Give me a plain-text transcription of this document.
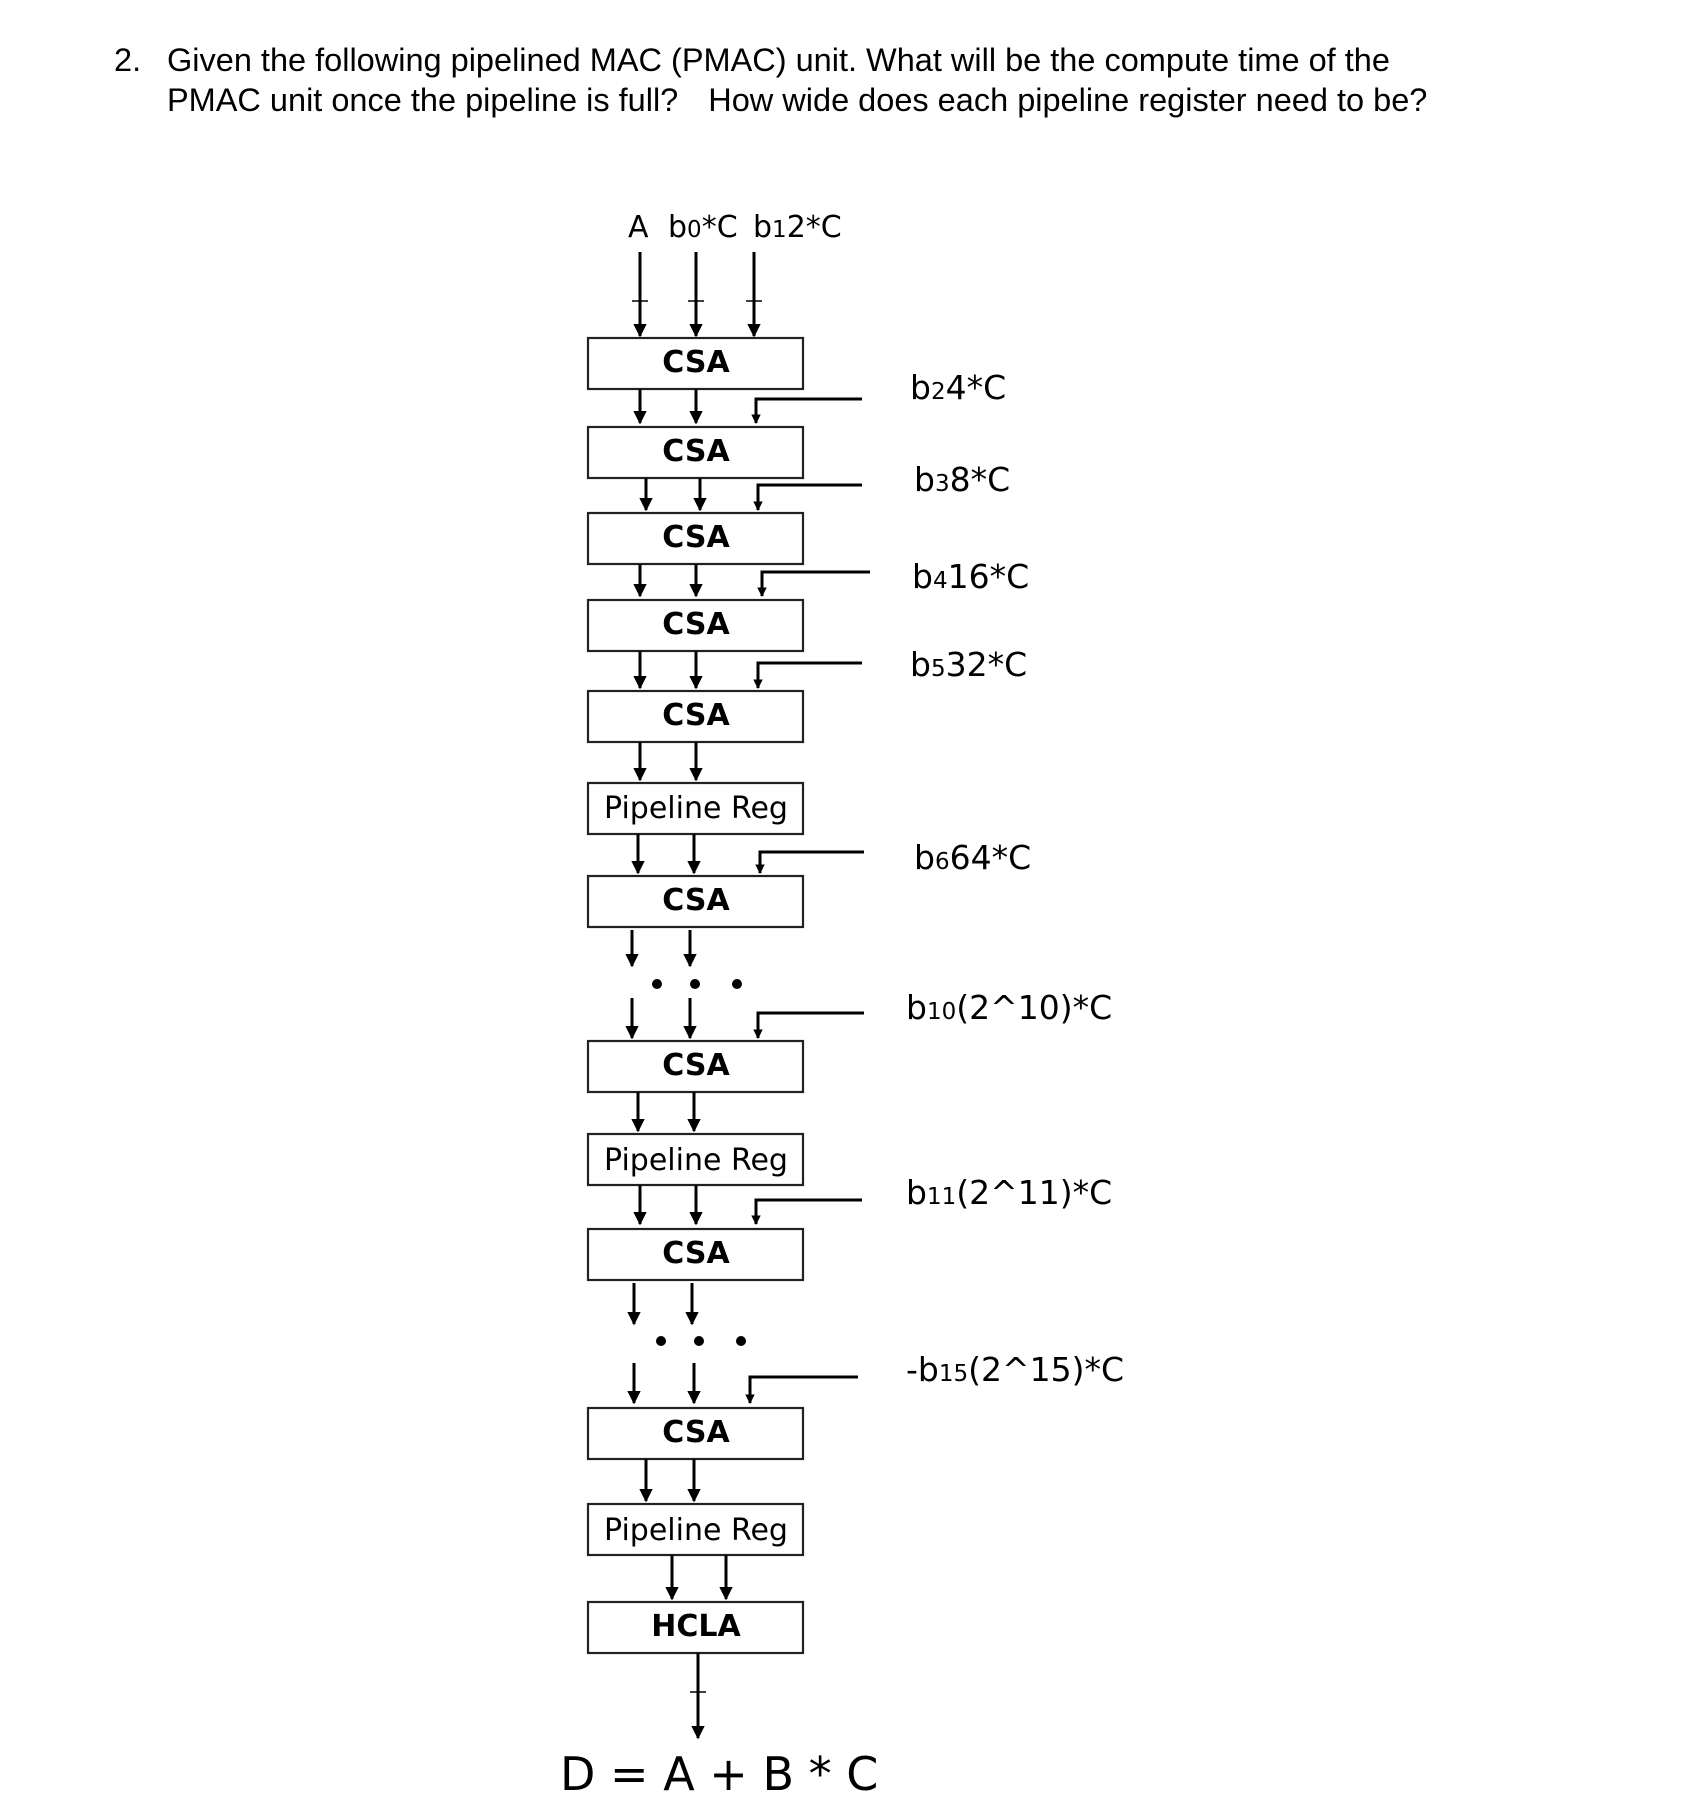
2. Given the following pipelined MAC (PMAC) unit. What will be the compute time of the
PMAC unit once the pipeline is full? How wide does each pipeline register need to be?
A b0*C b12*C
CSA
b24*C
CSA
b38*C
CSA
b416*C
CSA
b532*C
CSA
Pipeline Reg
b664*C
CSA
b10(2^10)*C
CSA
Pipeline Reg
b11(2^11)*C
CSA
-b15(2^15)*C
CSA
Pipeline Reg
HCLA
D = A + B * C
